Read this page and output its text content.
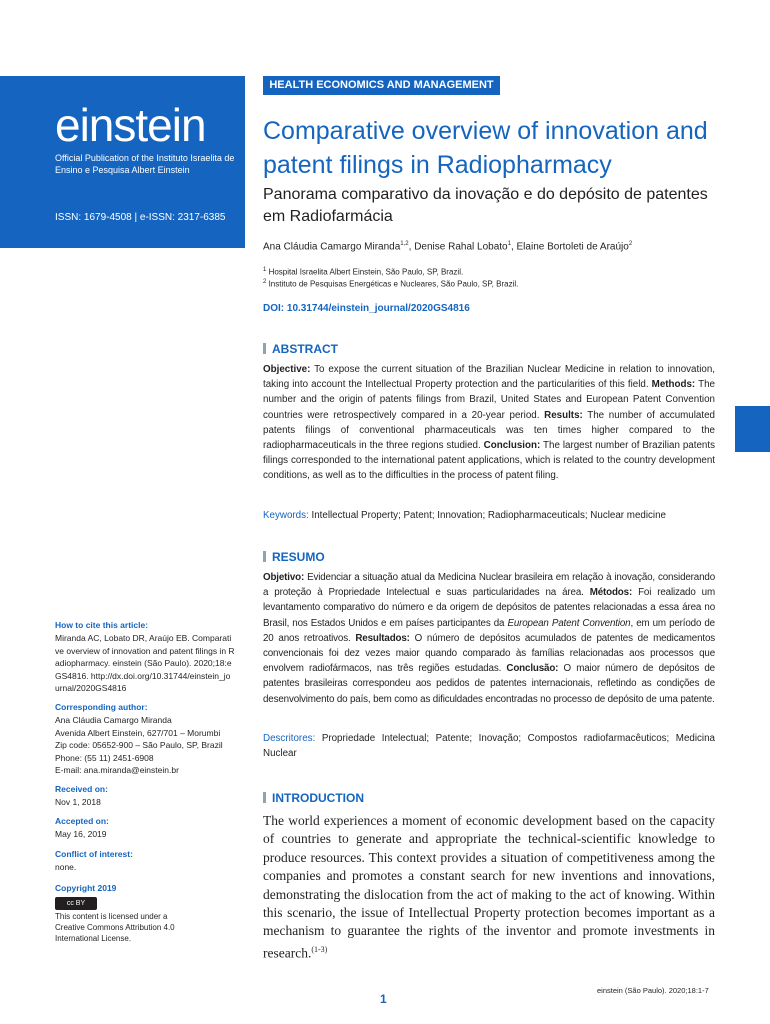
einstein
Official Publication of the Instituto Israelita de Ensino e Pesquisa Albert Einstein
ISSN: 1679-4508 | e-ISSN: 2317-6385
HEALTH ECONOMICS AND MANAGEMENT
Comparative overview of innovation and patent filings in Radiopharmacy
Panorama comparativo da inovação e do depósito de patentes em Radiofarmácia
Ana Cláudia Camargo Miranda$^{1,2}$, Denise Rahal Lobato$^1$, Elaine Bortoleti de Araújo$^2$
$^1$ Hospital Israelita Albert Einstein, São Paulo, SP, Brazil.
$^2$ Instituto de Pesquisas Energéticas e Nucleares, São Paulo, SP, Brazil.
DOI: 10.31744/einstein_journal/2020GS4816
ABSTRACT
Objective: To expose the current situation of the Brazilian Nuclear Medicine in relation to innovation, taking into account the Intellectual Property protection and the particularities of this field. Methods: The number and the origin of patents filings from Brazil, United States and European Patent Convention countries were retrospectively compared in a 20-year period. Results: The number of accumulated patents filings of conventional pharmaceuticals was ten times higher compared to the radiopharmaceuticals in the three regions studied. Conclusion: The largest number of Brazilian patents filings corresponded to the international patent applications, which is related to the country development conditions, as well as to the difficulties in the process of patent filing.
Keywords: Intellectual Property; Patent; Innovation; Radiopharmaceuticals; Nuclear medicine
RESUMO
Objetivo: Evidenciar a situação atual da Medicina Nuclear brasileira em relação à inovação, considerando a proteção à Propriedade Intelectual e suas particularidades na área. Métodos: Foi realizado um levantamento comparativo do número e da origem de depósitos de patentes relacionadas a essa área no Brasil, nos Estados Unidos e em países participantes da European Patent Convention, em um período de 20 anos retroativos. Resultados: O número de depósitos acumulados de patentes de medicamentos convencionais foi dez vezes maior quando comparado às famílias relacionadas aos processos que envolvem radiofármacos, nas três regiões estudadas. Conclusão: O maior número de depósitos de patentes brasileiras correspondeu aos pedidos de patentes internacionais, refletindo as condições de desenvolvimento do país, bem como as dificuldades encontradas no processo de depósito de uma patente.
Descritores: Propriedade Intelectual; Patente; Inovação; Compostos radiofarmacêuticos; Medicina Nuclear
INTRODUCTION
The world experiences a moment of economic development based on the capacity of countries to generate and appropriate the technical-scientific knowledge to produce resources. This context provides a situation of competitiveness among the companies and promotes a constant search for new inventions and innovations, demonstrating the dislocation from the act of making to the act of knowing. Within this scenario, the issue of Intellectual Property protection becomes important as a mechanism to guarantee the rights of the inventor and promote investments in research.$^{(1-3)}$
How to cite this article:
Miranda AC, Lobato DR, Araújo EB. Comparative overview of innovation and patent filings in Radiopharmacy. einstein (São Paulo). 2020;18:eGS4816. http://dx.doi.org/10.31744/einstein_journal/2020GS4816
Corresponding author:
Ana Cláudia Camargo Miranda
Avenida Albert Einstein, 627/701 – Morumbi
Zip code: 05652-900 – São Paulo, SP, Brazil
Phone: (55 11) 2451-6908
E-mail: ana.miranda@einstein.br
Received on:
Nov 1, 2018
Accepted on:
May 16, 2019
Conflict of interest:
none.
Copyright 2019
cc BY
This content is licensed under a Creative Commons Attribution 4.0 International License.
einstein (São Paulo). 2020;18:1-7
1
